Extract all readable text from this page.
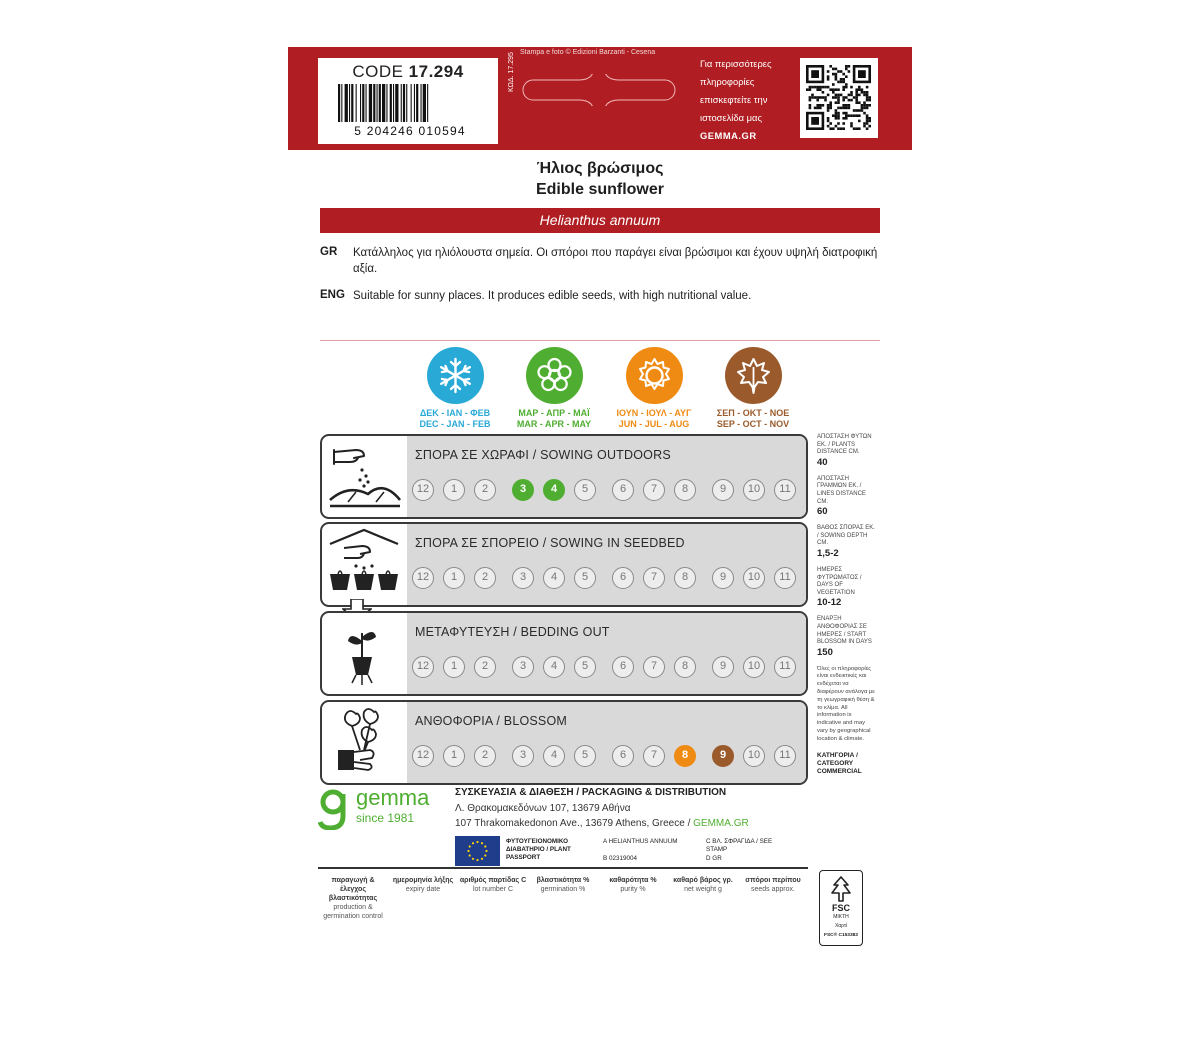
CODE 17.294
5 204246 010594
Stampa e foto © Edizioni Barzanti - Cesena
ΚΩΔ. 17.295	Για περισσότερες
πληροφορίες
επισκεφτείτε την
ιστοσελίδα μας
GEMMA.GR
Ήλιος βρώσιμος
Edible sunflower
Helianthus annuum
GR Κατάλληλος για ηλιόλουστα σημεία. Οι σπόροι που παράγει είναι βρώσιμοι και έχουν υψηλή διατροφική αξία.
ENG Suitable for sunny places. It produces edible seeds, with high nutritional value.
ΔΕΚ - ΙΑΝ - ΦΕΒ
DEC - JAN - FEB
ΜΑΡ - ΑΠΡ - ΜΑΪ
MAR - APR - MAY
ΙΟΥΝ - ΙΟΥΛ - ΑΥΓ
JUN - JUL - AUG
ΣΕΠ - ΟΚΤ - ΝΟΕ
SEP - OCT - NOV
ΣΠΟΡΑ ΣΕ ΧΩΡΑΦΙ / SOWING OUTDOORS
12	1	2	3	4	5	6	7	8	9	10	11
ΣΠΟΡΑ ΣΕ ΣΠΟΡΕΙΟ / SOWING IN SEEDBED
12	1	2	3	4	5	6	7	8	9	10	11
ΜΕΤΑΦΥΤΕΥΣΗ / BEDDING OUT
12	1	2	3	4	5	6	7	8	9	10	11
ΑΝΘΟΦΟΡΙΑ / BLOSSOM
12	1	2	3	4	5	6	7	8	9	10	11
ΑΠΟΣΤΑΣΗ ΦΥΤΩΝ ΕΚ. / PLANTS DISTANCE CM.
40
ΑΠΟΣΤΑΣΗ ΓΡΑΜΜΩΝ ΕΚ. / LINES DISTANCE CM.
60
ΒΑΘΟΣ ΣΠΟΡΑΣ ΕΚ. / SOWING DEPTH CM.
1,5-2
ΗΜΕΡΕΣ ΦΥΤΡΩΜΑΤΟΣ / DAYS OF VEGETATION
10-12
ΕΝΑΡΞΗ ΑΝΘΟΦΟΡΙΑΣ ΣΕ ΗΜΕΡΕΣ / START BLOSSOM IN DAYS
150
Όλες οι πληροφορίες είναι ενδεικτικές και ενδέχεται να διαφέρουν ανάλογα με τη γεωγραφική θέση & το κλίμα. All information is indicative and may vary by geographical location & climate.
ΚΑΤΗΓΟΡΙΑ / CATEGORY
COMMERCIAL
gemma
since 1981
ΣΥΣΚΕΥΑΣΙΑ & ΔΙΑΘΕΣΗ / PACKAGING & DISTRIBUTION
Λ. Θρακομακεδόνων 107, 13679 Αθήνα
107 Thrakomakedonon Ave., 13679 Athens, Greece / GEMMA.GR
ΦΥΤΟΥΓΕΙΟΝΟΜΙΚΟ ΔΙΑΒΑΤΗΡΙΟ / PLANT PASSPORT
A HELIANTHUS ANNUUM
B 02319004
C ΒΛ. ΣΦΡΑΓΙΔΑ / SEE STAMP
D GR
παραγωγή & έλεγχος βλαστικότητας
production & germination control
ημερομηνία λήξης
expiry date
αριθμός παρτίδας C
lot number C
βλαστικότητα %
germination %
καθαρότητα %
purity %
καθαρό βάρος γρ.
net weight g
σπόροι περίπου
seeds approx.
FSC
ΜΙΚΤΗ
Χαρτί
FSC® C153383
